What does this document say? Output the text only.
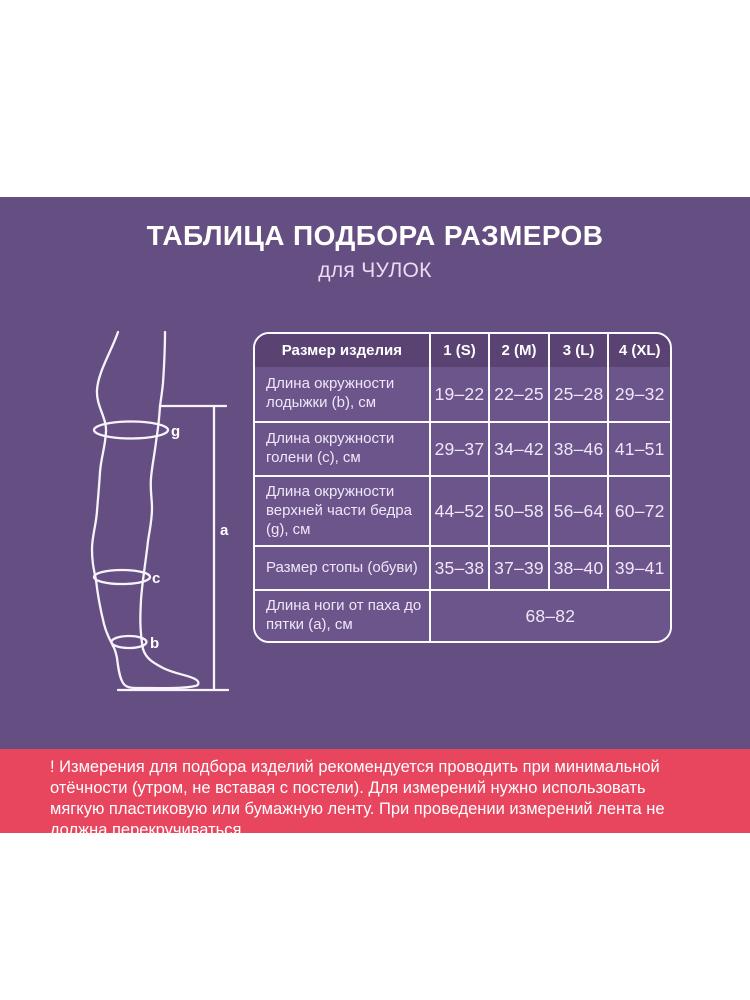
ТАБЛИЦА ПОДБОРА РАЗМЕРОВ
для ЧУЛОК
g
a
c
b
Размер изделия	1 (S)	2 (M)	3 (L)	4 (XL)
Длина окружности лодыжки (b), см	19–22	22–25	25–28	29–32
Длина окружности голени (c), см	29–37	34–42	38–46	41–51
Длина окружности верхней части бедра (g), см	44–52	50–58	56–64	60–72
Размер стопы (обуви)	35–38	37–39	38–40	39–41
Длина ноги от паха до пятки (a), см	68–82			

! Измерения для подбора изделий рекомендуется проводить при минимальной отёчности (утром, не вставая с постели). Для измерений нужно использовать мягкую пластиковую или бумажную ленту. При проведении измерений лента не должна перекручиваться.
